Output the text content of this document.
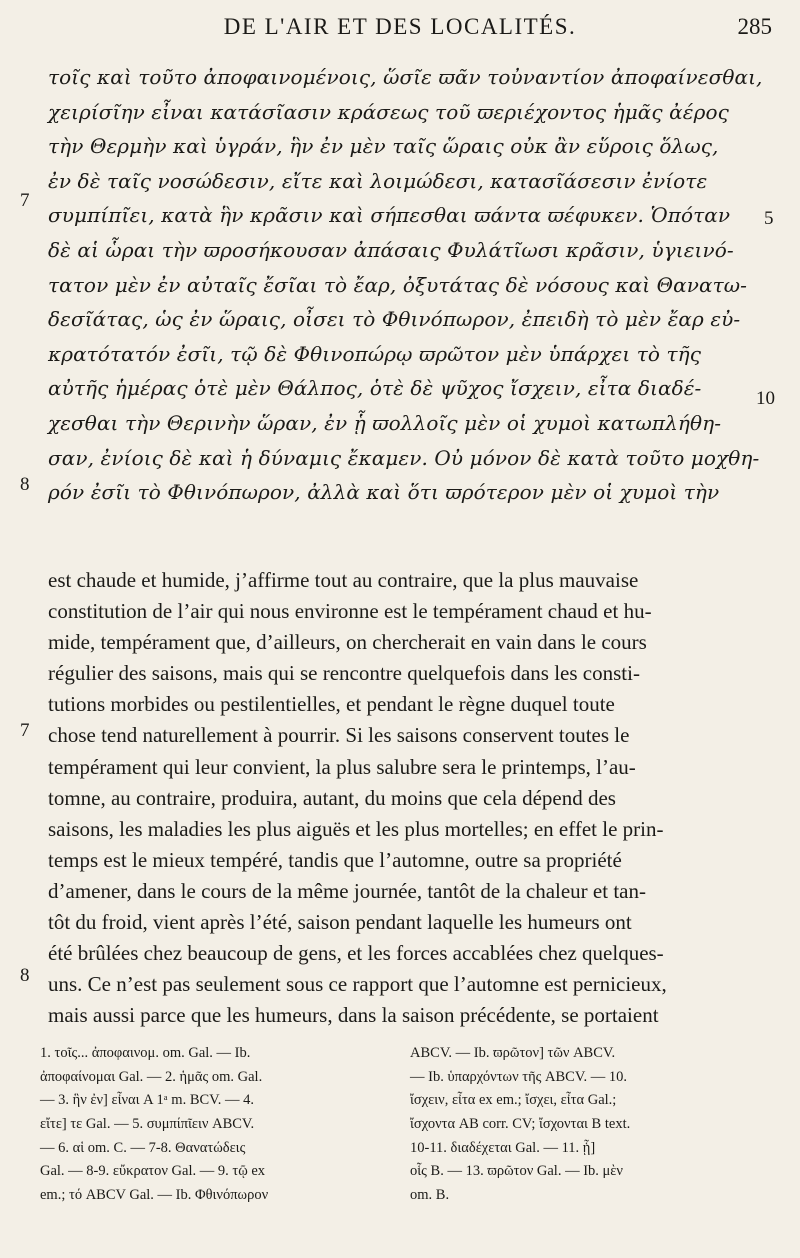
DE L'AIR ET DES LOCALITÉS.	285
τοῖς καὶ τοῦτο ἀποφαινομένοις, ὥσῖε ϖᾶν τοὐναντίον ἀποφαίνεσθαι,
χειρίσῖην εἶναι κατάσῖασιν κράσεως τοῦ ϖεριέχοντος ἡμᾶς ἀέρος
τὴν Θερμὴν καὶ ὑγράν, ἣν ἐν μὲν ταῖς ὥραις οὐκ ἂν εὕροις ὅλως,
ἐν δὲ ταῖς νοσώδεσιν, εἴτε καὶ λοιμώδεσι, κατασῖάσεσιν ἐνίοτε
συμπίπῖει, κατὰ ἣν κρᾶσιν καὶ σήπεσθαι ϖάντα ϖέφυκεν. Ὁπόταν
δὲ αἱ ὧραι τὴν ϖροσήκουσαν ἀπάσαις Φυλάτῖωσι κρᾶσιν, ὑγιεινό-
τατον μὲν ἐν αὐταῖς ἔσῖαι τὸ ἔαρ, ὀξυτάτας δὲ νόσους καὶ Θανατω-
δεσῖάτας, ὡς ἐν ὥραις, οἶσει τὸ Φθινόπωρον, ἐπειδὴ τὸ μὲν ἔαρ εὐ-
κρατότατόν ἐσῖι, τῷ δὲ Φθινοπώρῳ ϖρῶτον μὲν ὑπάρχει τὸ τῆς
αὐτῆς ἡμέρας ὁτὲ μὲν Θάλπος, ὁτὲ δὲ ψῦχος ἴσχειν, εἶτα διαδέ-
χεσθαι τὴν Θερινὴν ὥραν, ἐν ᾗ ϖολλοῖς μὲν οἱ χυμοὶ κατωπλήθη-
σαν, ἐνίοις δὲ καὶ ἡ δύναμις ἔκαμεν. Οὐ μόνον δὲ κατὰ τοῦτο μοχθη-
ρόν ἐσῖι τὸ Φθινόπωρον, ἀλλὰ καὶ ὅτι ϖρότερον μὲν οἱ χυμοὶ τὴν
7
5
10
8
est chaude et humide, j’affirme tout au contraire, que la plus mauvaise
constitution de l’air qui nous environne est le tempérament chaud et hu-
mide, tempérament que, d’ailleurs, on chercherait en vain dans le cours
régulier des saisons, mais qui se rencontre quelquefois dans les consti-
tutions morbides ou pestilentielles, et pendant le règne duquel toute
chose tend naturellement à pourrir. Si les saisons conservent toutes le
tempérament qui leur convient, la plus salubre sera le printemps, l’au-
tomne, au contraire, produira, autant, du moins que cela dépend des
saisons, les maladies les plus aiguës et les plus mortelles; en effet le prin-
temps est le mieux tempéré, tandis que l’automne, outre sa propriété
d’amener, dans le cours de la même journée, tantôt de la chaleur et tan-
tôt du froid, vient après l’été, saison pendant laquelle les humeurs ont
été brûlées chez beaucoup de gens, et les forces accablées chez quelques-
uns. Ce n’est pas seulement sous ce rapport que l’automne est pernicieux,
mais aussi parce que les humeurs, dans la saison précédente, se portaient
7
8
1. τοῖς... ἀποφαινομ. om. Gal. — Ib.
ἀποφαίνομαι Gal. — 2. ἡμᾶς om. Gal.
— 3. ἣν ἐν] εἶναι A 1ᵃ m. BCV. — 4.
εἴτε] τε Gal. — 5. συμπίπῖειν ABCV.
— 6. αἱ om. C. — 7-8. Θανατώδεις
Gal. — 8-9. εὔκρατον Gal. — 9. τῷ ex
em.; τό ABCV Gal. — Ib. Φθινόπωρον
ABCV. — Ib. ϖρῶτον] τῶν ABCV.
— Ib. ὑπαρχόντων τῆς ABCV. — 10.
ἴσχειν, εἶτα ex em.; ἴσχει, εἶτα Gal.;
ἴσχοντα AB corr. CV; ἴσχονται B text.
10-11. διαδέχεται Gal. — 11. ᾗ]
οἷς B. — 13. ϖρῶτον Gal. — Ib. μὲν
om. B.
